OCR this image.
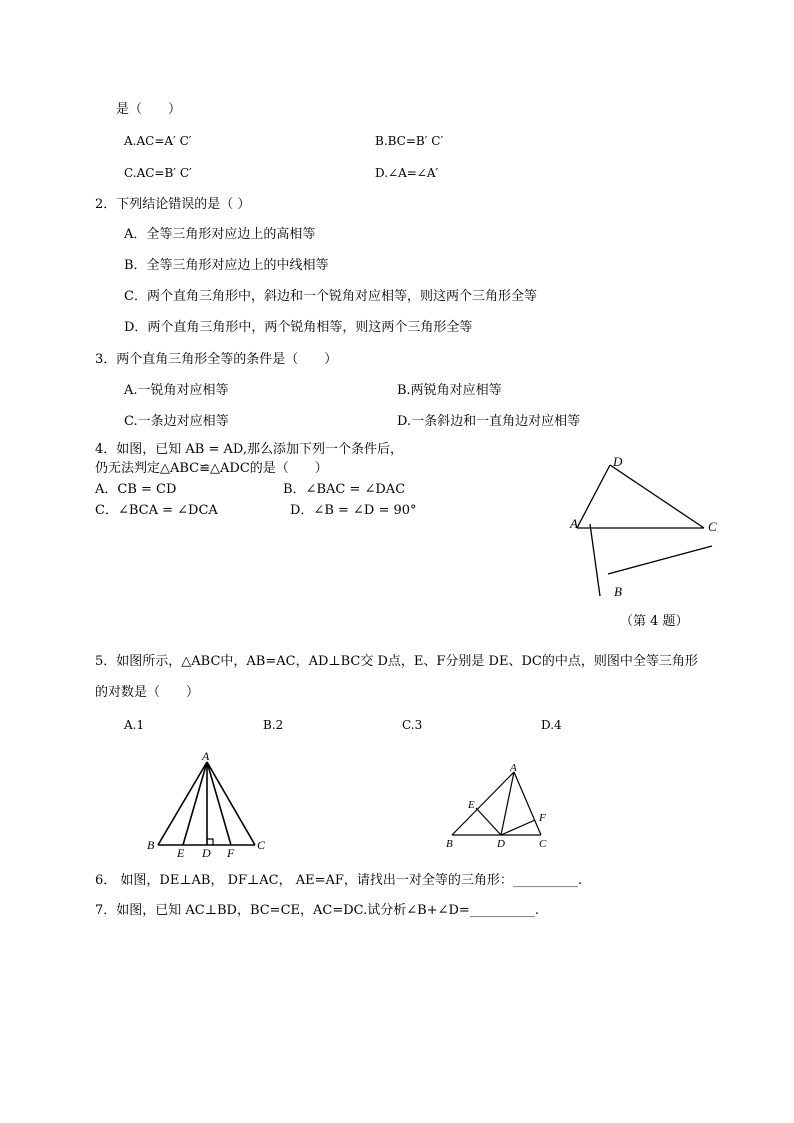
是（　　）
A.AC=A′ C′	B.BC=B′ C′
C.AC=B′ C′	D.∠A=∠A′
2．下列结论错误的是（ ）
A．全等三角形对应边上的高相等
B．全等三角形对应边上的中线相等
C．两个直角三角形中，斜边和一个锐角对应相等，则这两个三角形全等
D．两个直角三角形中，两个锐角相等，则这两个三角形全等
3．两个直角三角形全等的条件是（　　）
A.一锐角对应相等	B.两锐角对应相等
C.一条边对应相等	D.一条斜边和一直角边对应相等
4．如图，已知 AB = AD,那么添加下列一个条件后，
仍无法判定△ABC≌△ADC的是（　　）
A．CB = CD	B．∠BAC = ∠DAC
C．∠BCA = ∠DCA	D．∠B = ∠D = 90°
D
A	C
B
（第 4 题）
5．如图所示，△ABC中，AB=AC，AD⊥BC交 D点，E、F分别是 DE、DC的中点，则图中全等三角形
的对数是（　　）
A.1	B.2	C.3	D.4
A
B
E D F
C
A
E
F
B	D	C
6． 如图，DE⊥AB， DF⊥AC， AE=AF，请找出一对全等的三角形：__________.
7．如图，已知 AC⊥BD，BC=CE，AC=DC.试分析∠B+∠D=__________.
